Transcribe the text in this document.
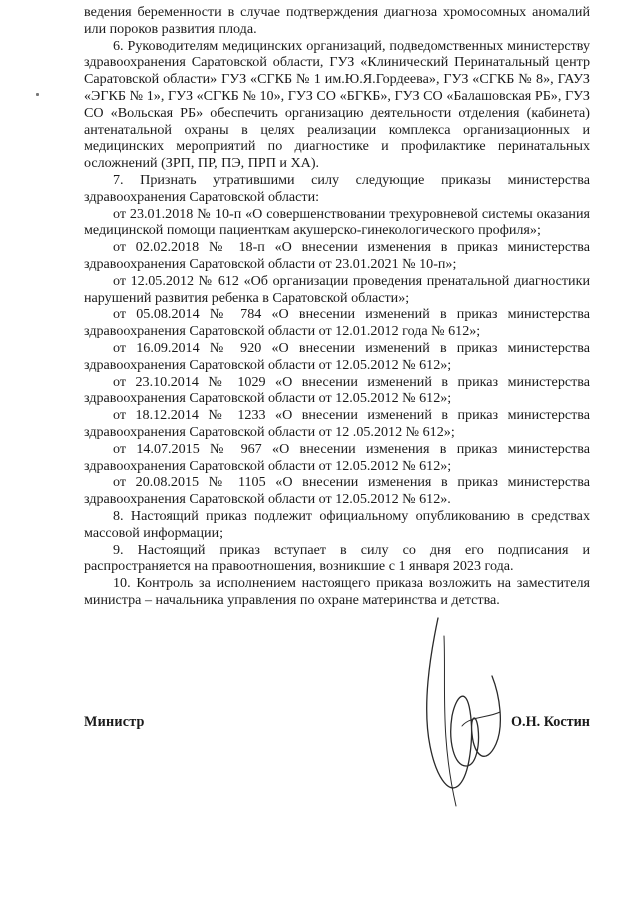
ведения беременности в случае подтверждения диагноза хромосомных аномалий или пороков развития плода.

6. Руководителям медицинских организаций, подведомственных министерству здравоохранения Саратовской области, ГУЗ «Клинический Перинатальный центр Саратовской области» ГУЗ «СГКБ № 1 им.Ю.Я.Гордеева», ГУЗ «СГКБ № 8», ГАУЗ «ЭГКБ № 1», ГУЗ «СГКБ № 10», ГУЗ СО «БГКБ», ГУЗ СО «Балашовская РБ», ГУЗ СО «Вольская РБ» обеспечить организацию деятельности отделения (кабинета) антенатальной охраны в целях реализации комплекса организационных и медицинских мероприятий по диагностике и профилактике перинатальных осложнений (ЗРП, ПР, ПЭ, ПРП и ХА).

7. Признать утратившими силу следующие приказы министерства здравоохранения Саратовской области:

от 23.01.2018 № 10-п «О совершенствовании трехуровневой системы оказания медицинской помощи пациенткам акушерско-гинекологического профиля»;

от 02.02.2018 № 18-п «О внесении изменения в приказ министерства здравоохранения Саратовской области от 23.01.2021 № 10-п»;

от 12.05.2012 № 612 «Об организации проведения пренатальной диагностики нарушений развития ребенка в Саратовской области»;

от 05.08.2014 № 784 «О внесении изменений в приказ министерства здравоохранения Саратовской области от 12.01.2012 года № 612»;

от 16.09.2014 № 920 «О внесении изменений в приказ министерства здравоохранения Саратовской области от 12.05.2012 № 612»;

от 23.10.2014 № 1029 «О внесении изменений в приказ министерства здравоохранения Саратовской области от 12.05.2012 № 612»;

от 18.12.2014 № 1233 «О внесении изменений в приказ министерства здравоохранения Саратовской области от 12 .05.2012 № 612»;

от 14.07.2015 № 967 «О внесении изменения в приказ министерства здравоохранения Саратовской области от 12.05.2012 № 612»;

от 20.08.2015 № 1105 «О внесении изменения в приказ министерства здравоохранения Саратовской области от 12.05.2012 № 612».

8. Настоящий приказ подлежит официальному опубликованию в средствах массовой информации;

9. Настоящий приказ вступает в силу со дня его подписания и распространяется на правоотношения, возникшие с 1 января 2023 года.

10. Контроль за исполнением настоящего приказа возложить на заместителя министра – начальника управления по охране материнства и детства.

Министр	О.Н. Костин
